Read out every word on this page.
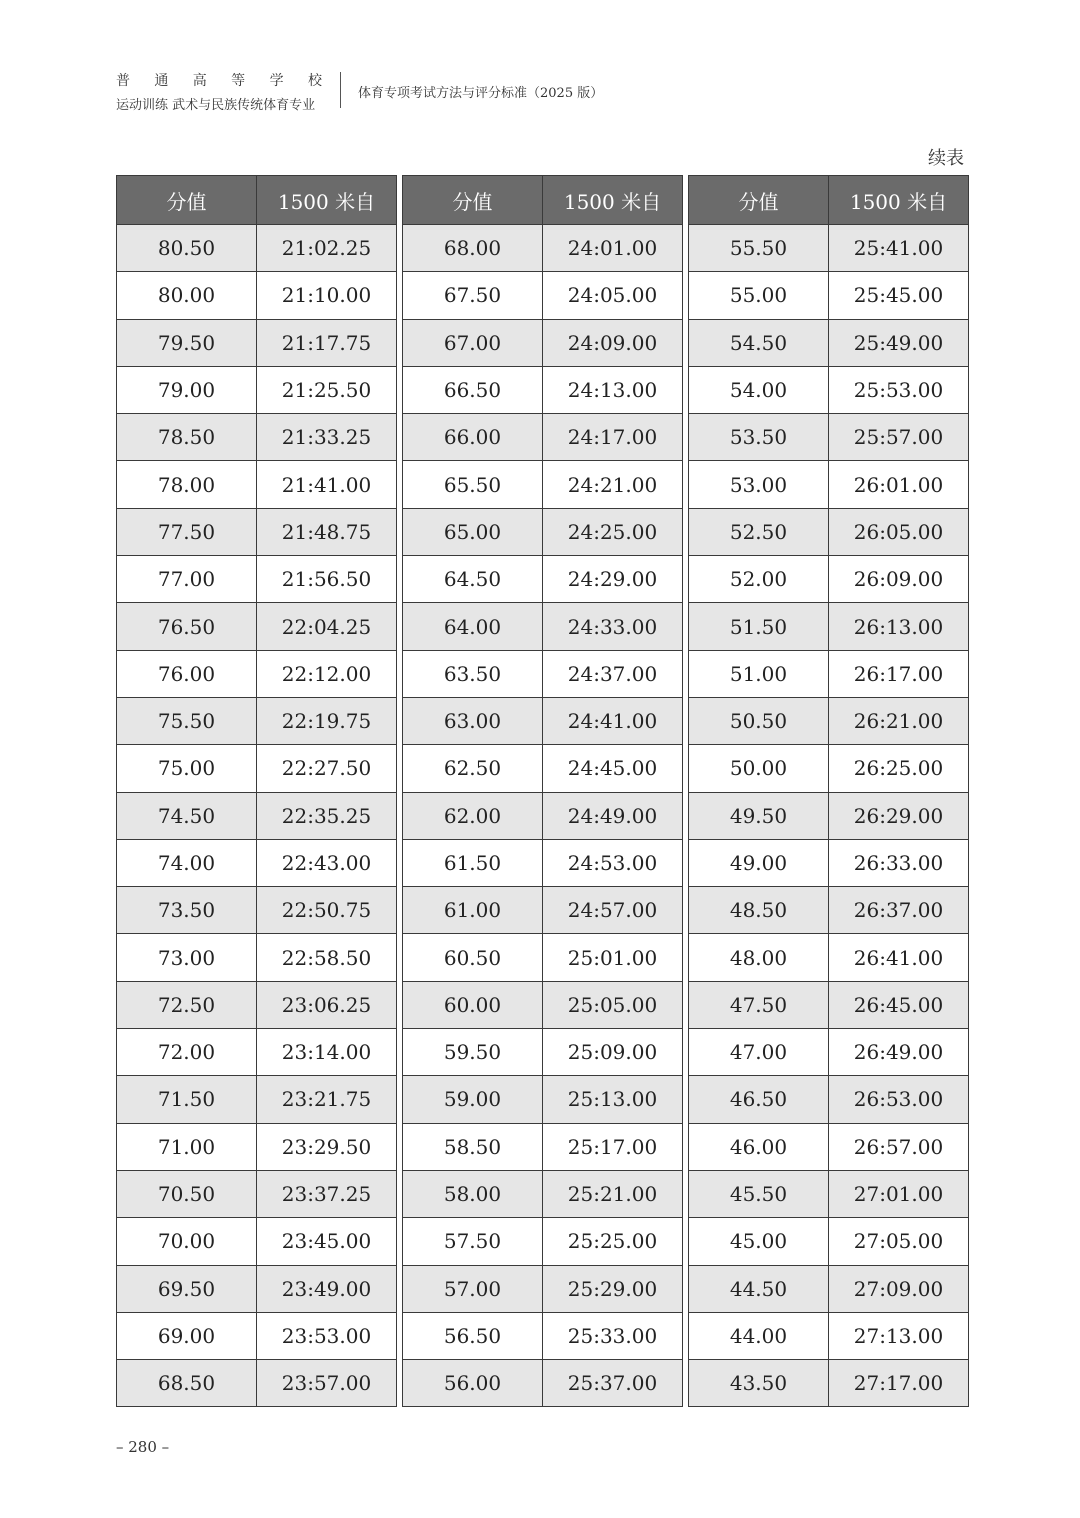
普 通 高 等 学 校
运动训练 武术与民族传统体育专业
体育专项考试方法与评分标准（2025 版）
续表
分值	1500 米自
80.50	21:02.25
80.00	21:10.00
79.50	21:17.75
79.00	21:25.50
78.50	21:33.25
78.00	21:41.00
77.50	21:48.75
77.00	21:56.50
76.50	22:04.25
76.00	22:12.00
75.50	22:19.75
75.00	22:27.50
74.50	22:35.25
74.00	22:43.00
73.50	22:50.75
73.00	22:58.50
72.50	23:06.25
72.00	23:14.00
71.50	23:21.75
71.00	23:29.50
70.50	23:37.25
70.00	23:45.00
69.50	23:49.00
69.00	23:53.00
68.50	23:57.00
分值	1500 米自
68.00	24:01.00
67.50	24:05.00
67.00	24:09.00
66.50	24:13.00
66.00	24:17.00
65.50	24:21.00
65.00	24:25.00
64.50	24:29.00
64.00	24:33.00
63.50	24:37.00
63.00	24:41.00
62.50	24:45.00
62.00	24:49.00
61.50	24:53.00
61.00	24:57.00
60.50	25:01.00
60.00	25:05.00
59.50	25:09.00
59.00	25:13.00
58.50	25:17.00
58.00	25:21.00
57.50	25:25.00
57.00	25:29.00
56.50	25:33.00
56.00	25:37.00
分值	1500 米自
55.50	25:41.00
55.00	25:45.00
54.50	25:49.00
54.00	25:53.00
53.50	25:57.00
53.00	26:01.00
52.50	26:05.00
52.00	26:09.00
51.50	26:13.00
51.00	26:17.00
50.50	26:21.00
50.00	26:25.00
49.50	26:29.00
49.00	26:33.00
48.50	26:37.00
48.00	26:41.00
47.50	26:45.00
47.00	26:49.00
46.50	26:53.00
46.00	26:57.00
45.50	27:01.00
45.00	27:05.00
44.50	27:09.00
44.00	27:13.00
43.50	27:17.00
– 280 –
